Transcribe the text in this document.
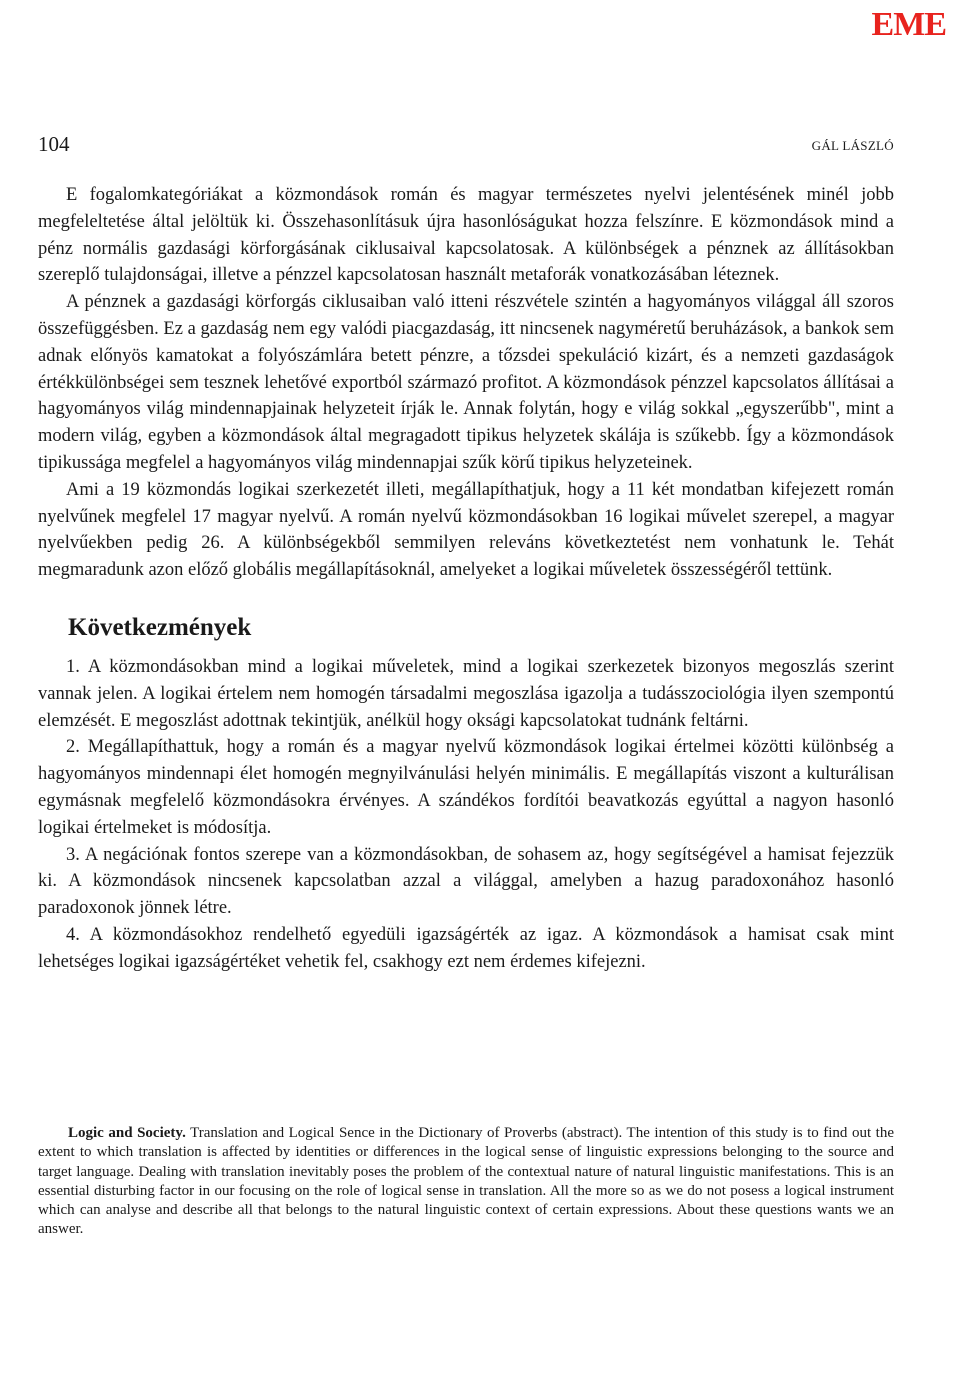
EME
104	GÁL LÁSZLÓ

E fogalomkategóriákat a közmondások román és magyar természetes nyelvi jelentésének minél jobb megfeleltetése által jelöltük ki. Összehasonlításuk újra hasonlóságukat hozza felszínre. E közmondások mind a pénz normális gazdasági körforgásának ciklusaival kapcsolatosak. A különbségek a pénznek az állításokban szereplő tulajdonságai, illetve a pénzzel kapcsolatosan használt metaforák vonatkozásában léteznek.

A pénznek a gazdasági körforgás ciklusaiban való itteni részvétele szintén a hagyományos világgal áll szoros összefüggésben. Ez a gazdaság nem egy valódi piacgazdaság, itt nincsenek nagyméretű beruházások, a bankok sem adnak előnyös kamatokat a folyószámlára betett pénzre, a tőzsdei spekuláció kizárt, és a nemzeti gazdaságok értékkülönbségei sem tesznek lehetővé exportból származó profitot. A közmondások pénzzel kapcsolatos állításai a hagyományos világ mindennapjainak helyzeteit írják le. Annak folytán, hogy e világ sokkal „egyszerűbb", mint a modern világ, egyben a közmondások által megragadott tipikus helyzetek skálája is szűkebb. Így a közmondások tipikussága megfelel a hagyományos világ mindennapjai szűk körű tipikus helyzeteinek.

Ami a 19 közmondás logikai szerkezetét illeti, megállapíthatjuk, hogy a 11 két mondatban kifejezett román nyelvűnek megfelel 17 magyar nyelvű. A román nyelvű közmondásokban 16 logikai művelet szerepel, a magyar nyelvűekben pedig 26. A különbségekből semmilyen releváns következtetést nem vonhatunk le. Tehát megmaradunk azon előző globális megállapításoknál, amelyeket a logikai műveletek összességéről tettünk.

Következmények

1. A közmondásokban mind a logikai műveletek, mind a logikai szerkezetek bizonyos megoszlás szerint vannak jelen. A logikai értelem nem homogén társadalmi megoszlása igazolja a tudásszociológia ilyen szempontú elemzését. E megoszlást adottnak tekintjük, anélkül hogy oksági kapcsolatokat tudnánk feltárni.

2. Megállapíthattuk, hogy a román és a magyar nyelvű közmondások logikai értelmei közötti különbség a hagyományos mindennapi élet homogén megnyilvánulási helyén minimális. E megállapítás viszont a kulturálisan egymásnak megfelelő közmondásokra érvényes. A szándékos fordítói beavatkozás egyúttal a nagyon hasonló logikai értelmeket is módosítja.

3. A negációnak fontos szerepe van a közmondásokban, de sohasem az, hogy segítségével a hamisat fejezzük ki. A közmondások nincsenek kapcsolatban azzal a világgal, amelyben a hazug paradoxonához hasonló paradoxonok jönnek létre.

4. A közmondásokhoz rendelhető egyedüli igazságérték az igaz. A közmondások a hamisat csak mint lehetséges logikai igazságértéket vehetik fel, csakhogy ezt nem érdemes kifejezni.

Logic and Society. Translation and Logical Sence in the Dictionary of Proverbs (abstract). The intention of this study is to find out the extent to which translation is affected by identities or differences in the logical sense of linguistic expressions belonging to the source and target language. Dealing with translation inevitably poses the problem of the contextual nature of natural linguistic manifestations. This is an essential disturbing factor in our focusing on the role of logical sense in translation. All the more so as we do not posess a logical instrument which can analyse and describe all that belongs to the natural linguistic context of certain expressions. About these questions wants we an answer.
